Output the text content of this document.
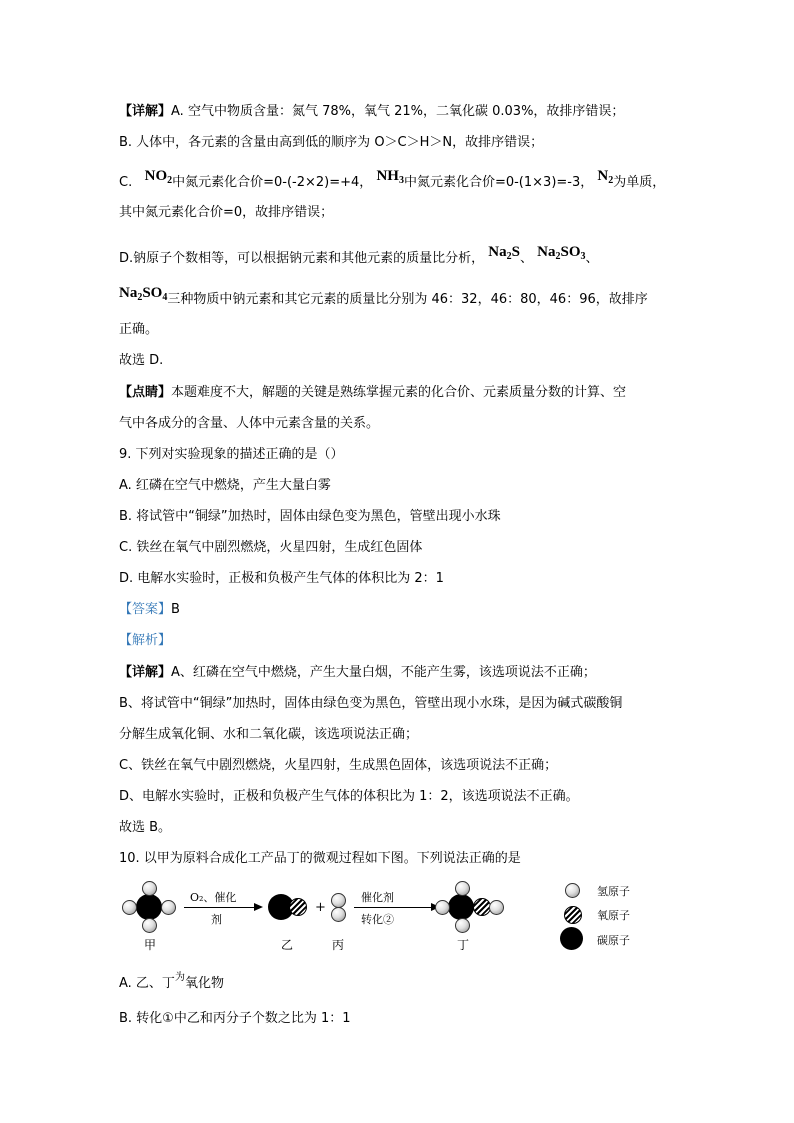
【详解】A. 空气中物质含量：氮气 78%，氧气 21%，二氧化碳 0.03%，故排序错误；
B. 人体中，各元素的含量由高到低的顺序为 O＞C＞H＞N，故排序错误；
C. $NO_2$中氮元素化合价=0-(-2×2)=+4， $NH_3$中氮元素化合价=0-(1×3)=-3， $N_2$为单质，
其中氮元素化合价=0，故排序错误；
D.钠原子个数相等，可以根据钠元素和其他元素的质量比分析， $Na_2S$、 $Na_2SO_3$、
$Na_2SO_4$三种物质中钠元素和其它元素的质量比分别为 46：32，46：80，46：96，故排序
正确。
故选 D.
【点睛】本题难度不大，解题的关键是熟练掌握元素的化合价、元素质量分数的计算、空
气中各成分的含量、人体中元素含量的关系。
9. 下列对实验现象的描述正确的是（）
A. 红磷在空气中燃烧，产生大量白雾
B. 将试管中“铜绿”加热时，固体由绿色变为黑色，管壁出现小水珠
C. 铁丝在氧气中剧烈燃烧，火星四射，生成红色固体
D. 电解水实验时，正极和负极产生气体的体积比为 2：1
【答案】B
【解析】
【详解】A、红磷在空气中燃烧，产生大量白烟，不能产生雾，该选项说法不正确；
B、将试管中“铜绿”加热时，固体由绿色变为黑色，管壁出现小水珠，是因为碱式碳酸铜
分解生成氧化铜、水和二氧化碳，该选项说法正确；
C、铁丝在氧气中剧烈燃烧，火星四射，生成黑色固体，该选项说法不正确；
D、电解水实验时，正极和负极产生气体的体积比为 1：2，该选项说法不正确。
故选 B。
10. 以甲为原料合成化工产品丁的微观过程如下图。下列说法正确的是
甲
O₂、催化
剂
乙
+
丙
催化剂
转化②
丁
氢原子
氧原子
碳原子
A. 乙、丁$^为$氧化物
B. 转化①中乙和丙分子个数之比为 1：1
